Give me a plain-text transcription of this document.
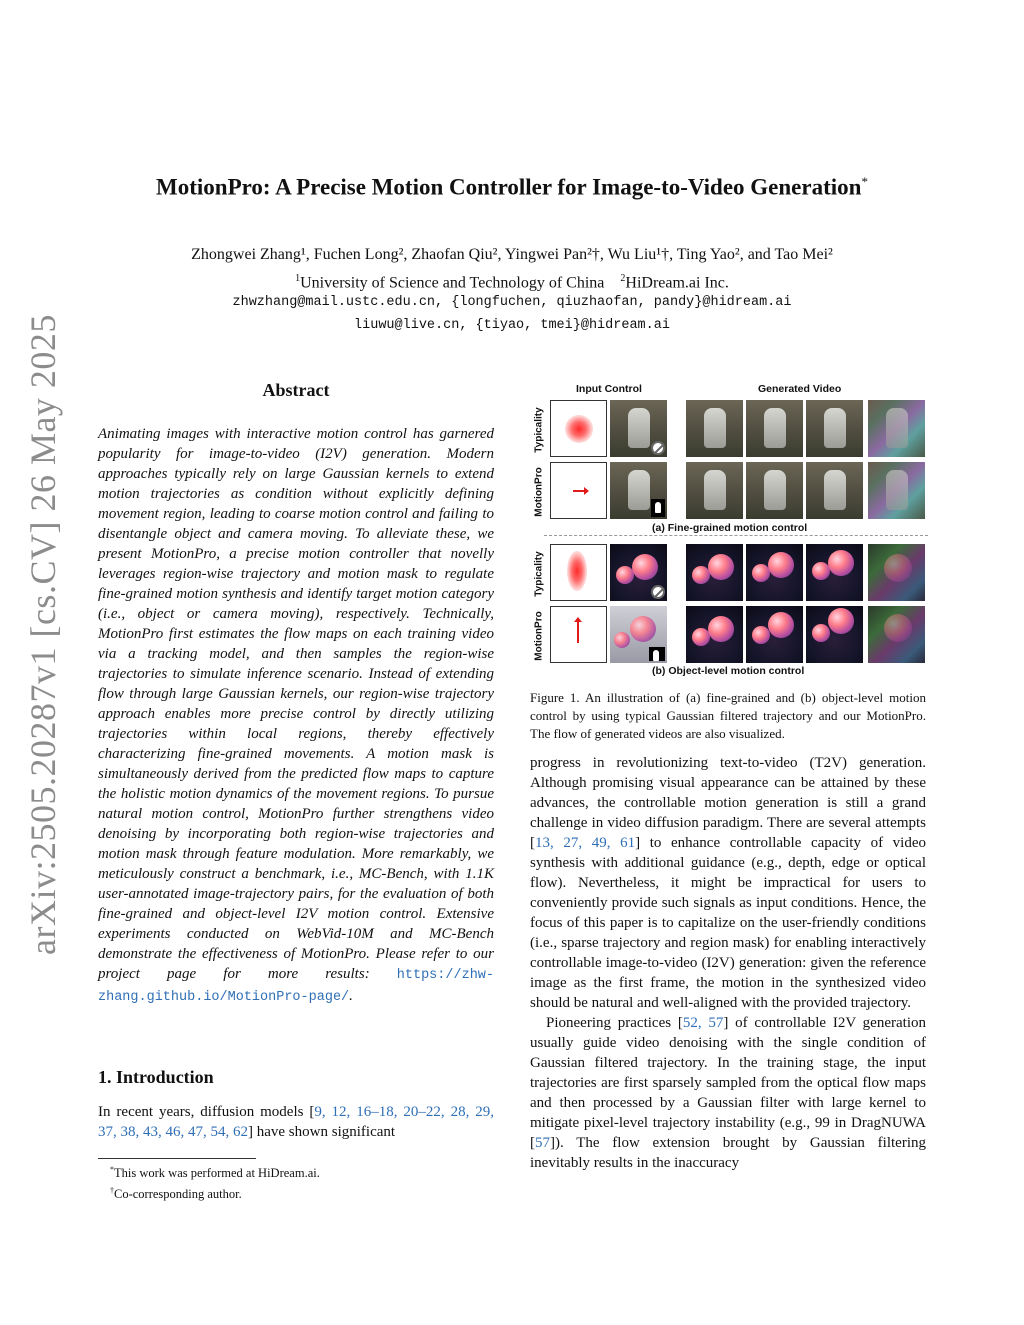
arXiv:2505.20287v1 [cs.CV] 26 May 2025
MotionPro: A Precise Motion Controller for Image-to-Video Generation*
Zhongwei Zhang¹, Fuchen Long², Zhaofan Qiu², Yingwei Pan²†, Wu Liu¹†, Ting Yao², and Tao Mei²
$^1$University of Science and Technology of China $^2$HiDream.ai Inc.
zhwzhang@mail.ustc.edu.cn, {longfuchen, qiuzhaofan, pandy}@hidream.ai
liuwu@live.cn, {tiyao, tmei}@hidream.ai
Abstract
Animating images with interactive motion control has garnered popularity for image-to-video (I2V) generation. Modern approaches typically rely on large Gaussian kernels to extend motion trajectories as condition without explicitly defining movement region, leading to coarse motion control and failing to disentangle object and camera moving. To alleviate these, we present MotionPro, a precise motion controller that novelly leverages region-wise trajectory and motion mask to regulate fine-grained motion synthesis and identify target motion category (i.e., object or camera moving), respectively. Technically, MotionPro first estimates the flow maps on each training video via a tracking model, and then samples the region-wise trajectories to simulate inference scenario. Instead of extending flow through large Gaussian kernels, our region-wise trajectory approach enables more precise control by directly utilizing trajectories within local regions, thereby effectively characterizing fine-grained movements. A motion mask is simultaneously derived from the predicted flow maps to capture the holistic motion dynamics of the movement regions. To pursue natural motion control, MotionPro further strengthens video denoising by incorporating both region-wise trajectories and motion mask through feature modulation. More remarkably, we meticulously construct a benchmark, i.e., MC-Bench, with 1.1K user-annotated image-trajectory pairs, for the evaluation of both fine-grained and object-level I2V motion control. Extensive experiments conducted on WebVid-10M and MC-Bench demonstrate the effectiveness of MotionPro. Please refer to our project page for more results: https://zhw-zhang.github.io/MotionPro-page/.
1. Introduction
In recent years, diffusion models [9, 12, 16–18, 20–22, 28, 29, 37, 38, 43, 46, 47, 54, 62] have shown significant
*This work was performed at HiDream.ai.
†Co-corresponding author.
Input Control	Generated Video
Typicality
MotionPro
(a) Fine-grained motion control
Typicality
MotionPro
(b) Object-level motion control
Figure 1. An illustration of (a) fine-grained and (b) object-level motion control by using typical Gaussian filtered trajectory and our MotionPro. The flow of generated videos are also visualized.

progress in revolutionizing text-to-video (T2V) generation. Although promising visual appearance can be attained by these advances, the controllable motion generation is still a grand challenge in video diffusion paradigm. There are several attempts [13, 27, 49, 61] to enhance controllable capacity of video synthesis with additional guidance (e.g., depth, edge or optical flow). Nevertheless, it might be impractical for users to conveniently provide such signals as input conditions. Hence, the focus of this paper is to capitalize on the user-friendly conditions (i.e., sparse trajectory and region mask) for enabling interactively controllable image-to-video (I2V) generation: given the reference image as the first frame, the motion in the synthesized video should be natural and well-aligned with the provided trajectory.

Pioneering practices [52, 57] of controllable I2V generation usually guide video denoising with the single condition of Gaussian filtered trajectory. In the training stage, the input trajectories are first sparsely sampled from the optical flow maps and then processed by a Gaussian filter with large kernel to mitigate pixel-level trajectory instability (e.g., 99 in DragNUWA [57]). The flow extension brought by Gaussian filtering inevitably results in the inaccuracy
